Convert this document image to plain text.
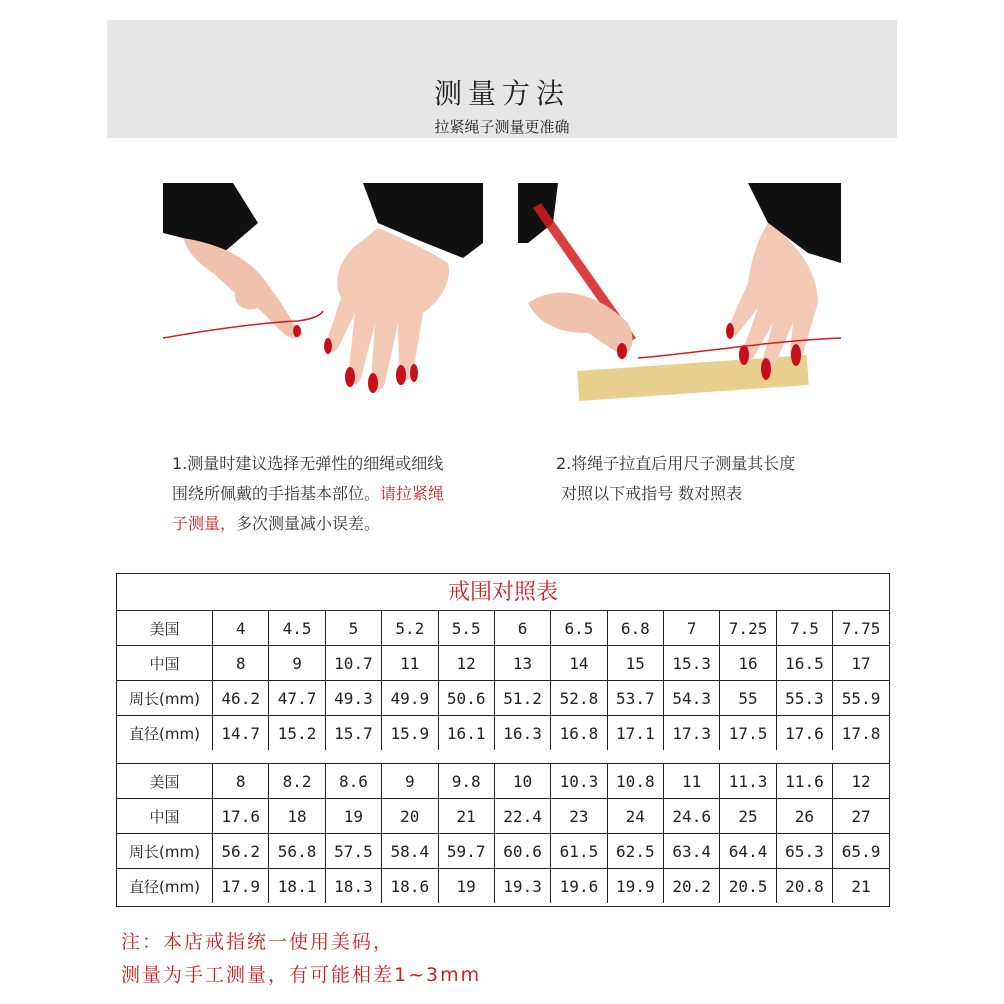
测量方法
拉紧绳子测量更准确
1.测量时建议选择无弹性的细绳或细线
围绕所佩戴的手指基本部位。请拉紧绳
子测量，多次测量减小误差。
2.将绳子拉直后用尺子测量其长度
对照以下戒指号 数对照表
戒围对照表
美国	4	4.5	5	5.2	5.5	6	6.5	6.8	7	7.25	7.5	7.75
中国	8	9	10.7	11	12	13	14	15	15.3	16	16.5	17
周长(mm)	46.2	47.7	49.3	49.9	50.6	51.2	52.8	53.7	54.3	55	55.3	55.9
直径(mm)	14.7	15.2	15.7	15.9	16.1	16.3	16.8	17.1	17.3	17.5	17.6	17.8
美国	8	8.2	8.6	9	9.8	10	10.3	10.8	11	11.3	11.6	12
中国	17.6	18	19	20	21	22.4	23	24	24.6	25	26	27
周长(mm)	56.2	56.8	57.5	58.4	59.7	60.6	61.5	62.5	63.4	64.4	65.3	65.9
直径(mm)	17.9	18.1	18.3	18.6	19	19.3	19.6	19.9	20.2	20.5	20.8	21
注：本店戒指统一使用美码，
测量为手工测量，有可能相差1~3mm
